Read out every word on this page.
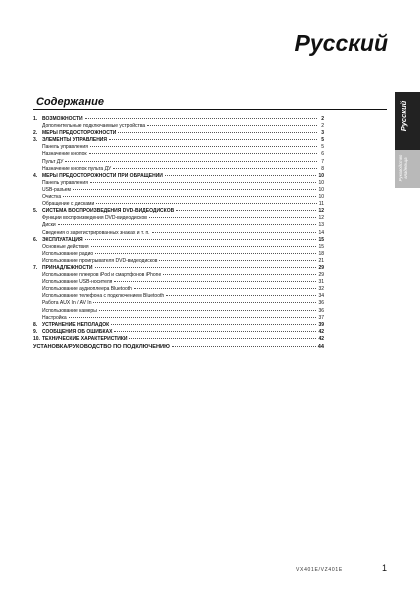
Русский
Русский
Руководство владельца
Содержание
1. ВОЗМОЖНОСТИ	2
Дополнительные подключаемые устройства	2
2. МЕРЫ ПРЕДОСТОРОЖНОСТИ	3
3. ЭЛЕМЕНТЫ УПРАВЛЕНИЯ	5
Панель управления	5
Назначение кнопок	6
Пульт ДУ	7
Назначение кнопок пульта ДУ	8
4. МЕРЫ ПРЕДОСТОРОЖНОСТИ ПРИ ОБРАЩЕНИИ	10
Панель управления	10
USB-разъем	10
Очистка	10
Обращение с дисками	11
5. СИСТЕМА ВОСПРОИЗВЕДЕНИЯ DVD-ВИДЕОДИСКОВ	12
Функции воспроизведения DVD-видеодисков	12
Диски	13
Сведения о зарегистрированных знаках и т. п.	14
6. ЭКСПЛУАТАЦИЯ	15
Основные действия	15
Использование радио	18
Использование проигрывателя DVD-видеодисков	21
7. ПРИНАДЛЕЖНОСТИ	29
Использование плееров iPod и смартфонов iPhone	29
Использование USB-носителя	31
Использование аудиоплеера Bluetooth	32
Использование телефона с подключением Bluetooth	34
Работа AUX In / AV In	36
Использование камеры	36
Настройка	37
8. УСТРАНЕНИЕ НЕПОЛАДОК	39
9. СООБЩЕНИЯ ОБ ОШИБКАХ	42
10. ТЕХНИЧЕСКИЕ ХАРАКТЕРИСТИКИ	42
УСТАНОВКА/РУКОВОДСТВО ПО ПОДКЛЮЧЕНИЮ	44
VX401E/VZ401E	1
